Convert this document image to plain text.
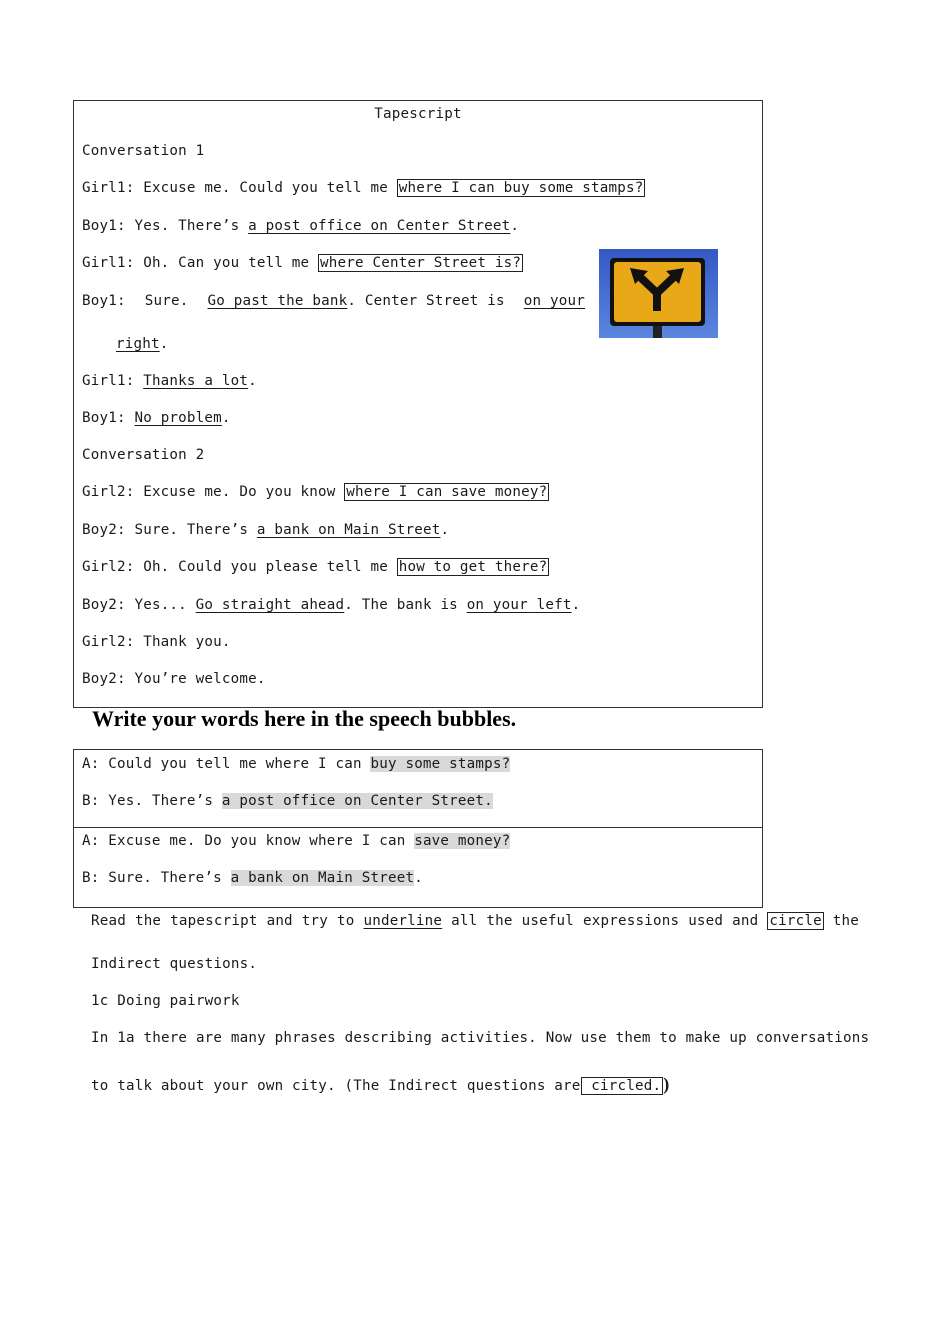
Tapescript
Conversation 1
Girl1: Excuse me. Could you tell me where I can buy some stamps?
Boy1: Yes. There’s a post office on Center Street.
Girl1: Oh. Can you tell me where Center Street is?
Boy1: Sure. Go past the bank. Center Street is on your
right.
Girl1: Thanks a lot.
Boy1: No problem.
Conversation 2
Girl2: Excuse me. Do you know where I can save money?
Boy2: Sure. There’s a bank on Main Street.
Girl2: Oh. Could you please tell me how to get there?
Boy2: Yes... Go straight ahead. The bank is on your left.
Girl2: Thank you.
Boy2: You’re welcome.
Write your words here in the speech bubbles.
A: Could you tell me where I can buy some stamps?
B: Yes. There’s a post office on Center Street.
A: Excuse me. Do you know where I can save money?
B: Sure. There’s a bank on Main Street.
Read the tapescript and try to underline all the useful expressions used and circle the
Indirect questions.
1c Doing pairwork
In 1a there are many phrases describing activities. Now use them to make up conversations
to talk about your own city. (The Indirect questions are circled. )
